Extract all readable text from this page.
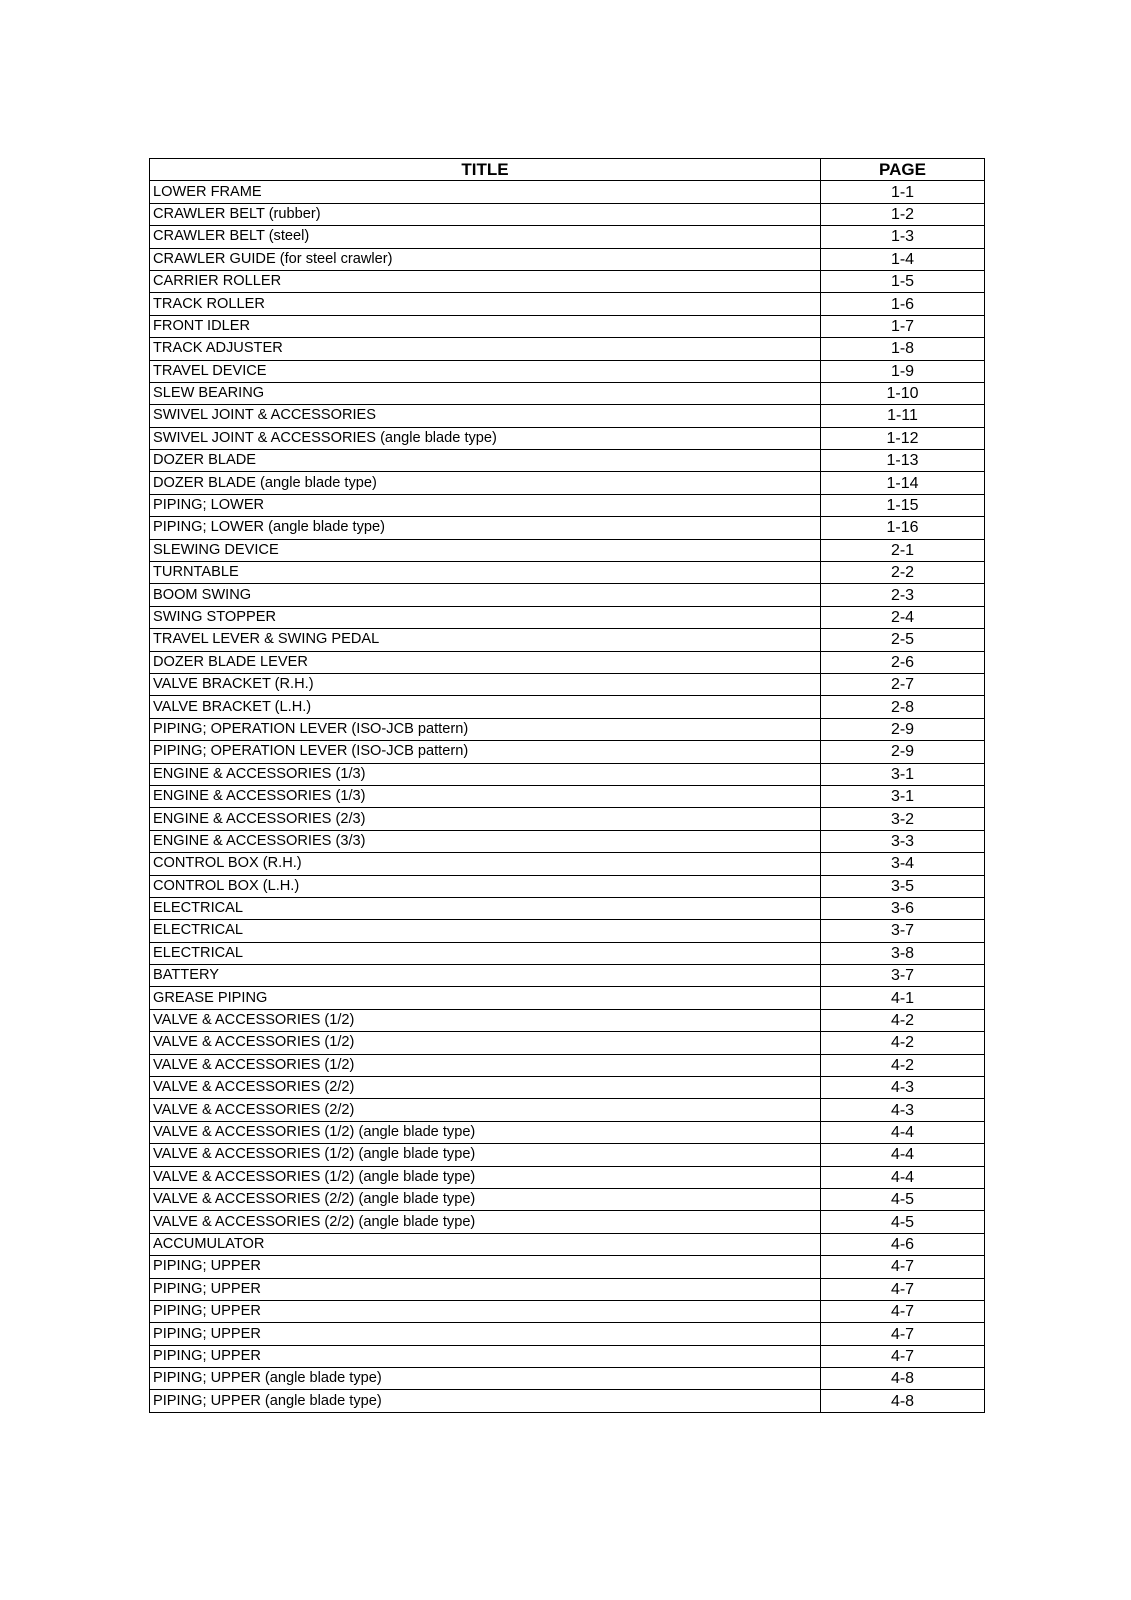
TITLE	PAGE
LOWER FRAME	1-1
CRAWLER BELT (rubber)	1-2
CRAWLER BELT (steel)	1-3
CRAWLER GUIDE (for steel crawler)	1-4
CARRIER ROLLER	1-5
TRACK ROLLER	1-6
FRONT IDLER	1-7
TRACK ADJUSTER	1-8
TRAVEL DEVICE	1-9
SLEW BEARING	1-10
SWIVEL JOINT & ACCESSORIES	1-11
SWIVEL JOINT & ACCESSORIES (angle blade type)	1-12
DOZER BLADE	1-13
DOZER BLADE (angle blade type)	1-14
PIPING; LOWER	1-15
PIPING; LOWER (angle blade type)	1-16
SLEWING DEVICE	2-1
TURNTABLE	2-2
BOOM SWING	2-3
SWING STOPPER	2-4
TRAVEL LEVER & SWING PEDAL	2-5
DOZER BLADE LEVER	2-6
VALVE BRACKET (R.H.)	2-7
VALVE BRACKET (L.H.)	2-8
PIPING; OPERATION LEVER (ISO-JCB pattern)	2-9
PIPING; OPERATION LEVER (ISO-JCB pattern)	2-9
ENGINE & ACCESSORIES (1/3)	3-1
ENGINE & ACCESSORIES (1/3)	3-1
ENGINE & ACCESSORIES (2/3)	3-2
ENGINE & ACCESSORIES (3/3)	3-3
CONTROL BOX (R.H.)	3-4
CONTROL BOX (L.H.)	3-5
ELECTRICAL	3-6
ELECTRICAL	3-7
ELECTRICAL	3-8
BATTERY	3-7
GREASE PIPING	4-1
VALVE & ACCESSORIES (1/2)	4-2
VALVE & ACCESSORIES (1/2)	4-2
VALVE & ACCESSORIES (1/2)	4-2
VALVE & ACCESSORIES (2/2)	4-3
VALVE & ACCESSORIES (2/2)	4-3
VALVE & ACCESSORIES (1/2) (angle blade type)	4-4
VALVE & ACCESSORIES (1/2) (angle blade type)	4-4
VALVE & ACCESSORIES (1/2) (angle blade type)	4-4
VALVE & ACCESSORIES (2/2) (angle blade type)	4-5
VALVE & ACCESSORIES (2/2) (angle blade type)	4-5
ACCUMULATOR	4-6
PIPING; UPPER	4-7
PIPING; UPPER	4-7
PIPING; UPPER	4-7
PIPING; UPPER	4-7
PIPING; UPPER	4-7
PIPING; UPPER (angle blade type)	4-8
PIPING; UPPER (angle blade type)	4-8
